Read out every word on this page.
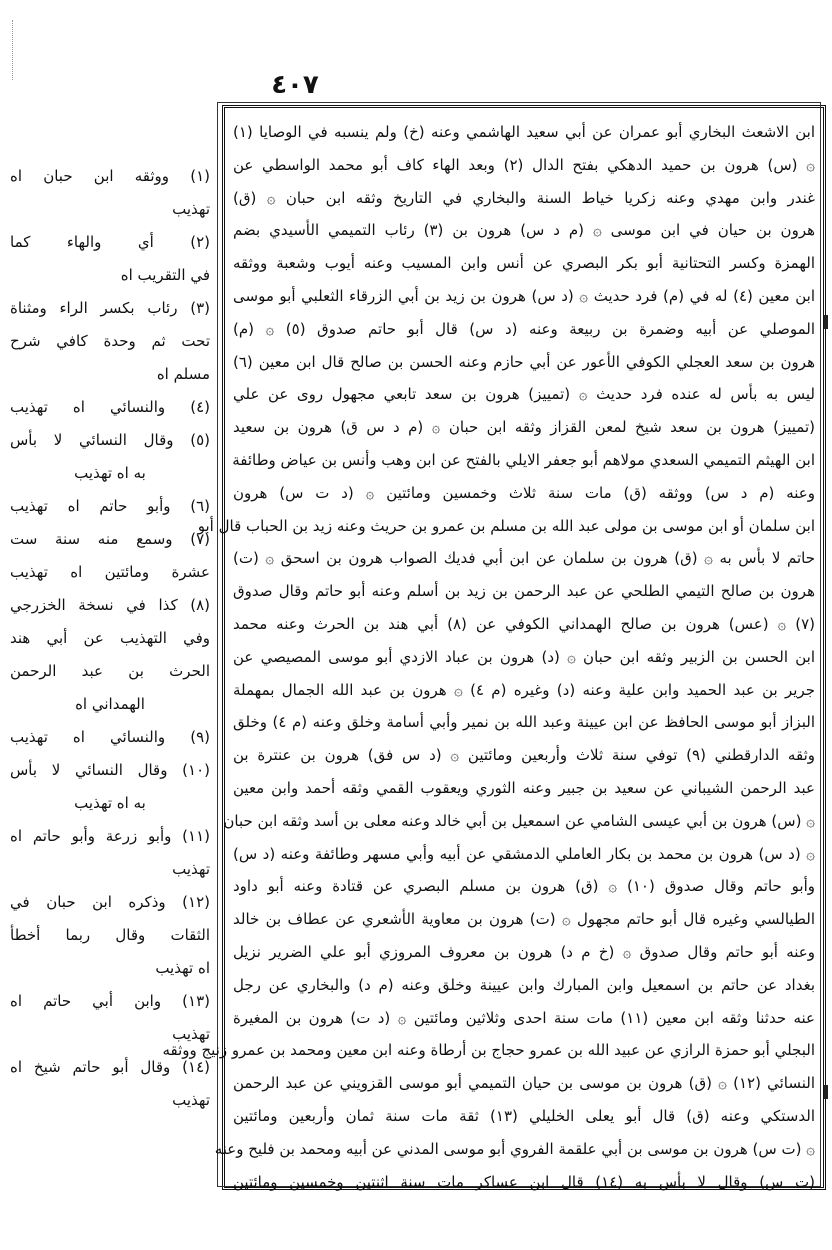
٤٠٧
ابن الاشعث البخاري أبو عمران عن أبي سعيد الهاشمي وعنه (خ) ولم ينسبه في الوصايا (١)
۞ (س) هرون بن حميد الدهكي بفتح الدال (٢) وبعد الهاء كاف أبو محمد الواسطي عن
غندر وابن مهدي وعنه زكريا خياط السنة والبخاري في التاريخ وثقه ابن حبان ۞ (ق)
هرون بن حيان في ابن موسى ۞ (م د س) هرون بن (٣) رئاب التميمي الأسيدي بضم
الهمزة وكسر التحتانية أبو بكر البصري عن أنس وابن المسيب وعنه أيوب وشعبة ووثقه
ابن معين (٤) له في (م) فرد حديث ۞ (د س) هرون بن زيد بن أبي الزرقاء الثعلبي أبو موسى
الموصلي عن أبيه وضمرة بن ربيعة وعنه (د س) قال أبو حاتم صدوق (٥) ۞ (م)
هرون بن سعد العجلي الكوفي الأعور عن أبي حازم وعنه الحسن بن صالح قال ابن معين (٦)
ليس به بأس له عنده فرد حديث ۞ (تمييز) هرون بن سعد تابعي مجهول روى عن علي
(تمييز) هرون بن سعد شيخ لمعن القزاز وثقه ابن حبان ۞ (م د س ق) هرون بن سعيد
ابن الهيثم التميمي السعدي مولاهم أبو جعفر الايلي بالفتح عن ابن وهب وأنس بن عياض وطائفة
وعنه (م د س) ووثقه (ق) مات سنة ثلاث وخمسين ومائتين ۞ (د ت س) هرون
ابن سلمان أو ابن موسى بن مولى عبد الله بن مسلم بن عمرو بن حريث وعنه زيد بن الحباب قال أبو
حاتم لا بأس به ۞ (ق) هرون بن سلمان عن ابن أبي فديك الصواب هرون بن اسحق ۞ (ت)
هرون بن صالح التيمي الطلحي عن عبد الرحمن بن زيد بن أسلم وعنه أبو حاتم وقال صدوق
(٧) ۞ (عس) هرون بن صالح الهمداني الكوفي عن (٨) أبي هند بن الحرث وعنه محمد
ابن الحسن بن الزبير وثقه ابن حبان ۞ (د) هرون بن عباد الازدي أبو موسى المصيصي عن
جرير بن عبد الحميد وابن علية وعنه (د) وغيره (م ٤) ۞ هرون بن عبد الله الجمال بمهملة
البزاز أبو موسى الحافظ عن ابن عيينة وعبد الله بن نمير وأبي أسامة وخلق وعنه (م ٤) وخلق
وثقه الدارقطني (٩) توفي سنة ثلاث وأربعين ومائتين ۞ (د س فق) هرون بن عنترة بن
عبد الرحمن الشيباني عن سعيد بن جبير وعنه الثوري ويعقوب القمي وثقه أحمد وابن معين
۞ (س) هرون بن أبي عيسى الشامي عن اسمعيل بن أبي خالد وعنه معلى بن أسد وثقه ابن حبان
۞ (د س) هرون بن محمد بن بكار العاملي الدمشقي عن أبيه وأبي مسهر وطائفة وعنه (د س)
وأبو حاتم وقال صدوق (١٠) ۞ (ق) هرون بن مسلم البصري عن قتادة وعنه أبو داود
الطيالسي وغيره قال أبو حاتم مجهول ۞ (ت) هرون بن معاوية الأشعري عن عطاف بن خالد
وعنه أبو حاتم وقال صدوق ۞ (خ م د) هرون بن معروف المروزي أبو علي الضرير نزيل
بغداد عن حاتم بن اسمعيل وابن المبارك وابن عيينة وخلق وعنه (م د) والبخاري عن رجل
عنه حدثنا وثقه ابن معين (١١) مات سنة احدى وثلاثين ومائتين ۞ (د ت) هرون بن المغيرة
البجلي أبو حمزة الرازي عن عبيد الله بن عمرو حجاج بن أرطاة وعنه ابن معين ومحمد بن عمرو زنيج ووثقه
النسائي (١٢) ۞ (ق) هرون بن موسى بن حيان التميمي أبو موسى القزويني عن عبد الرحمن
الدستكي وعنه (ق) قال أبو يعلى الخليلي (١٣) ثقة مات سنة ثمان وأربعين ومائتين
۞ (ت س) هرون بن موسى بن أبي علقمة الفروي أبو موسى المدني عن أبيه ومحمد بن فليح وعنه
(ت س) وقال لا بأس به (١٤) قال ابن عساكر مات سنة اثنتين وخمسين ومائتين
(١) ووثقه ابن حبان اه
تهذيب
(٢) أي والهاء كما
في التقريب اه
(٣) رئاب بكسر الراء ومثناة
تحت ثم وحدة كافي شرح
مسلم اه
(٤) والنسائي اه تهذيب
(٥) وقال النسائي لا بأس
به اه تهذيب
(٦) وأبو حاتم اه تهذيب
(٧) وسمع منه سنة ست
عشرة ومائتين اه تهذيب
(٨) كذا في نسخة الخزرجي
وفي التهذيب عن أبي هند
الحرث بن عبد الرحمن
الهمداني اه
(٩) والنسائي اه تهذيب
(١٠) وقال النسائي لا بأس
به اه تهذيب
(١١) وأبو زرعة وأبو حاتم اه
تهذيب
(١٢) وذكره ابن حبان في
الثقات وقال ربما أخطأ
اه تهذيب
(١٣) وابن أبي حاتم اه
تهذيب
(١٤) وقال أبو حاتم شيخ اه
تهذيب
